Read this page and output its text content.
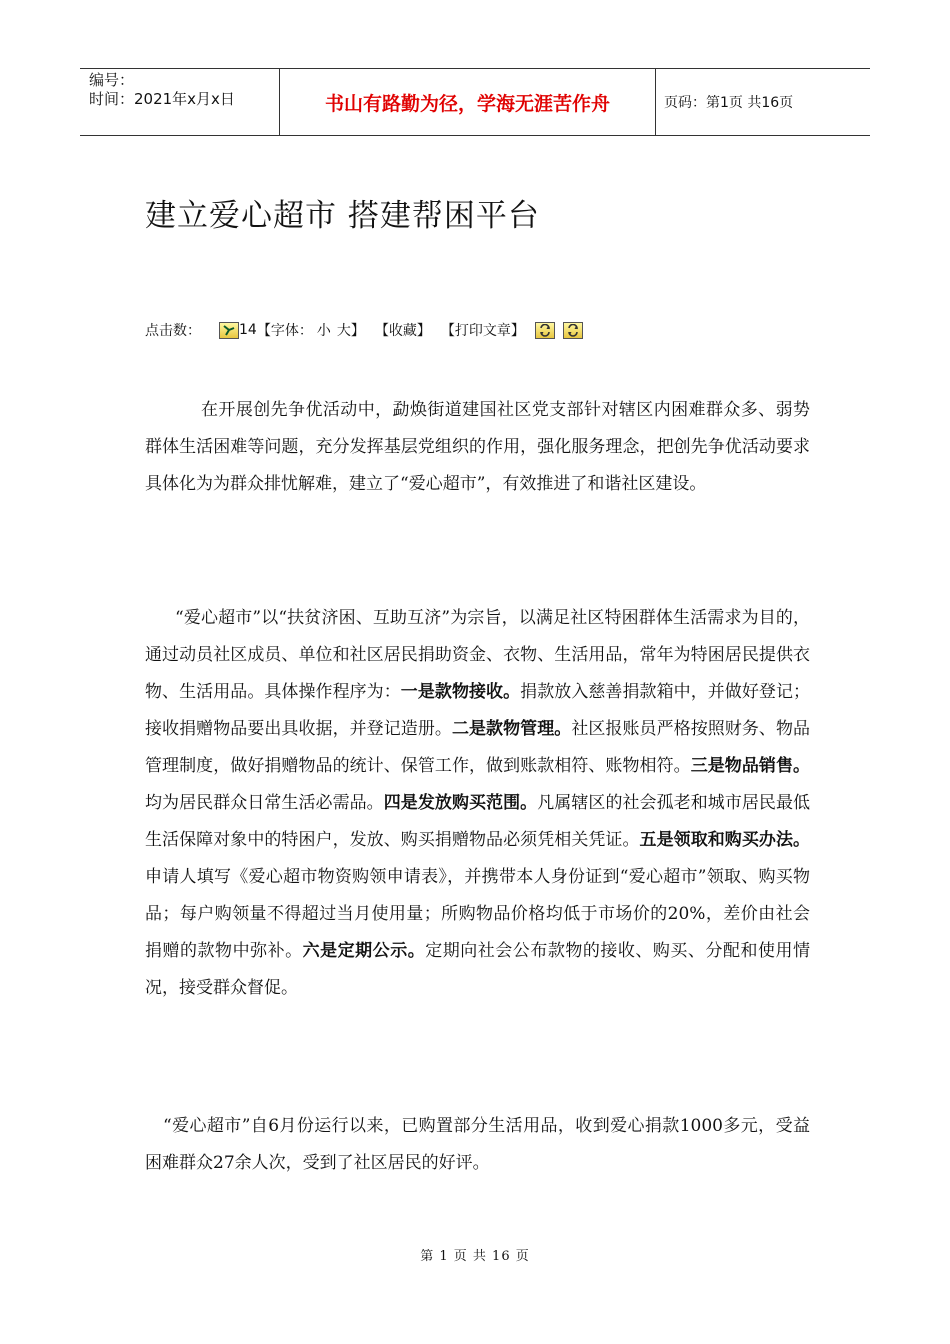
编号：
时间：2021年x月x日	书山有路勤为径，学海无涯苦作舟	页码：第1页 共16页
建立爱心超市 搭建帮困平台
点击数：	14 【字体： 小 大 】 【收藏】 【打印文章】

在开展创先争优活动中，勐焕街道建国社区党支部针对辖区内困难群众多、弱势群体生活困难等问题，充分发挥基层党组织的作用，强化服务理念，把创先争优活动要求具体化为为群众排忧解难，建立了“爱心超市”，有效推进了和谐社区建设。

“爱心超市”以“扶贫济困、互助互济”为宗旨，以满足社区特困群体生活需求为目的，通过动员社区成员、单位和社区居民捐助资金、衣物、生活用品，常年为特困居民提供衣物、生活用品。具体操作程序为：一是款物接收。捐款放入慈善捐款箱中，并做好登记；接收捐赠物品要出具收据，并登记造册。二是款物管理。社区报账员严格按照财务、物品管理制度，做好捐赠物品的统计、保管工作，做到账款相符、账物相符。三是物品销售。均为居民群众日常生活必需品。四是发放购买范围。凡属辖区的社会孤老和城市居民最低生活保障对象中的特困户，发放、购买捐赠物品必须凭相关凭证。五是领取和购买办法。申请人填写《爱心超市物资购领申请表》，并携带本人身份证到“爱心超市”领取、购买物品；每户购领量不得超过当月使用量；所购物品价格均低于市场价的20%，差价由社会捐赠的款物中弥补。六是定期公示。定期向社会公布款物的接收、购买、分配和使用情况，接受群众督促。

“爱心超市”自6月份运行以来，已购置部分生活用品，收到爱心捐款1000多元，受益困难群众27余人次，受到了社区居民的好评。

第 1 页 共 16 页
